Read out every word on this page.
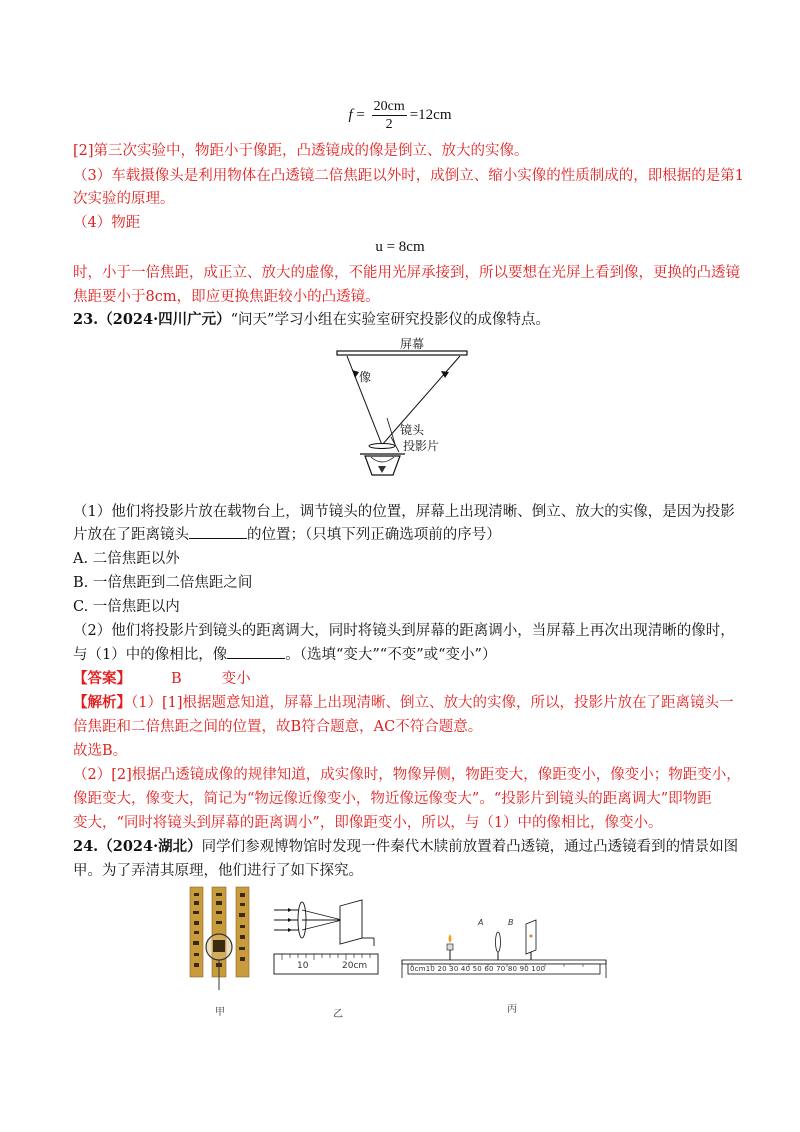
$f = \frac{20cm}{2} =12cm$
[2]第三次实验中，物距小于像距，凸透镜成的像是倒立、放大的实像。
（3）车载摄像头是利用物体在凸透镜二倍焦距以外时，成倒立、缩小实像的性质制成的，即根据的是第1
次实验的原理。
（4）物距
u = 8cm
时，小于一倍焦距，成正立、放大的虚像，不能用光屏承接到，所以要想在光屏上看到像，更换的凸透镜
焦距要小于8cm，即应更换焦距较小的凸透镜。
23.（2024·四川广元）“问天”学习小组在实验室研究投影仪的成像特点。
屏幕
像
镜头
投影片
（1）他们将投影片放在载物台上，调节镜头的位置，屏幕上出现清晰、倒立、放大的实像，是因为投影
片放在了距离镜头	的位置；（只填下列正确选项前的序号）
A. 二倍焦距以外
B. 一倍焦距到二倍焦距之间
C. 一倍焦距以内
（2）他们将投影片到镜头的距离调大，同时将镜头到屏幕的距离调小，当屏幕上再次出现清晰的像时，
与（1）中的像相比，像	。（选填“变大”“不变”或“变小”）
【答案】	B	变小
【解析】（1）[1]根据题意知道，屏幕上出现清晰、倒立、放大的实像，所以，投影片放在了距离镜头一
倍焦距和二倍焦距之间的位置，故B符合题意，AC不符合题意。
故选B。
（2）[2]根据凸透镜成像的规律知道，成实像时，物像异侧，物距变大，像距变小，像变小；物距变小，
像距变大，像变大，简记为“物远像近像变小，物近像远像变大”。“投影片到镜头的距离调大”即物距
变大，“同时将镜头到屏幕的距离调小”，即像距变小，所以，与（1）中的像相比，像变小。
24.（2024·湖北）同学们参观博物馆时发现一件秦代木牍前放置着凸透镜，通过凸透镜看到的情景如图
甲。为了弄清其原理，他们进行了如下探究。
甲
10	20cm
乙
A	B
0cm10 20 30 40 50 60 70 80 90 100
丙
